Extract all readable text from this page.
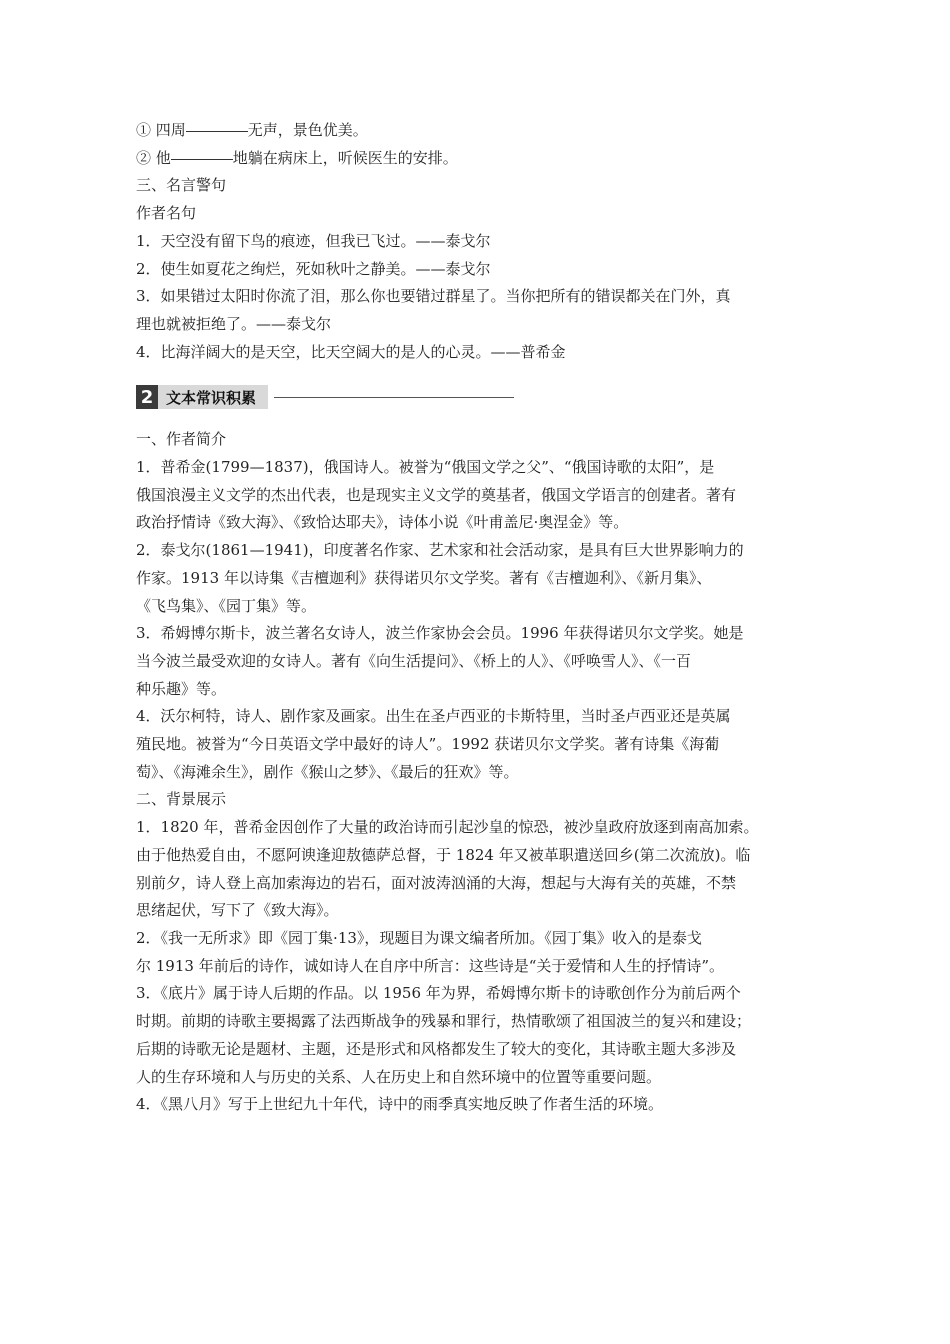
① 四周	无声，景色优美。
② 他	地躺在病床上，听候医生的安排。
三、名言警句
作者名句
1．天空没有留下鸟的痕迹，但我已飞过。——泰戈尔
2．使生如夏花之绚烂，死如秋叶之静美。——泰戈尔
3．如果错过太阳时你流了泪，那么你也要错过群星了。当你把所有的错误都关在门外，真
理也就被拒绝了。——泰戈尔
4．比海洋阔大的是天空，比天空阔大的是人的心灵。——普希金
2 文本常识积累
一、作者简介
1．普希金(1799—1837)，俄国诗人。被誉为“俄国文学之父”、“俄国诗歌的太阳”，是
俄国浪漫主义文学的杰出代表，也是现实主义文学的奠基者，俄国文学语言的创建者。著有
政治抒情诗《致大海》、《致恰达耶夫》，诗体小说《叶甫盖尼·奥涅金》等。
2．泰戈尔(1861—1941)，印度著名作家、艺术家和社会活动家，是具有巨大世界影响力的
作家。1913 年以诗集《吉檀迦利》获得诺贝尔文学奖。著有《吉檀迦利》、《新月集》、
《飞鸟集》、《园丁集》等。
3．希姆博尔斯卡，波兰著名女诗人，波兰作家协会会员。1996 年获得诺贝尔文学奖。她是
当今波兰最受欢迎的女诗人。著有《向生活提问》、《桥上的人》、《呼唤雪人》、《一百
种乐趣》等。
4．沃尔柯特，诗人、剧作家及画家。出生在圣卢西亚的卡斯特里，当时圣卢西亚还是英属
殖民地。被誉为“今日英语文学中最好的诗人”。1992 获诺贝尔文学奖。著有诗集《海葡
萄》、《海滩余生》，剧作《猴山之梦》、《最后的狂欢》等。
二、背景展示
1．1820 年，普希金因创作了大量的政治诗而引起沙皇的惊恐，被沙皇政府放逐到南高加索。
由于他热爱自由，不愿阿谀逢迎敖德萨总督，于 1824 年又被革职遣送回乡(第二次流放)。临
别前夕，诗人登上高加索海边的岩石，面对波涛汹涌的大海，想起与大海有关的英雄，不禁
思绪起伏，写下了《致大海》。
2．《我一无所求》即《园丁集·13》，现题目为课文编者所加。《园丁集》收入的是泰戈
尔 1913 年前后的诗作，诚如诗人在自序中所言：这些诗是“关于爱情和人生的抒情诗”。
3．《底片》属于诗人后期的作品。以 1956 年为界，希姆博尔斯卡的诗歌创作分为前后两个
时期。前期的诗歌主要揭露了法西斯战争的残暴和罪行，热情歌颂了祖国波兰的复兴和建设；
后期的诗歌无论是题材、主题，还是形式和风格都发生了较大的变化，其诗歌主题大多涉及
人的生存环境和人与历史的关系、人在历史上和自然环境中的位置等重要问题。
4．《黑八月》写于上世纪九十年代，诗中的雨季真实地反映了作者生活的环境。
